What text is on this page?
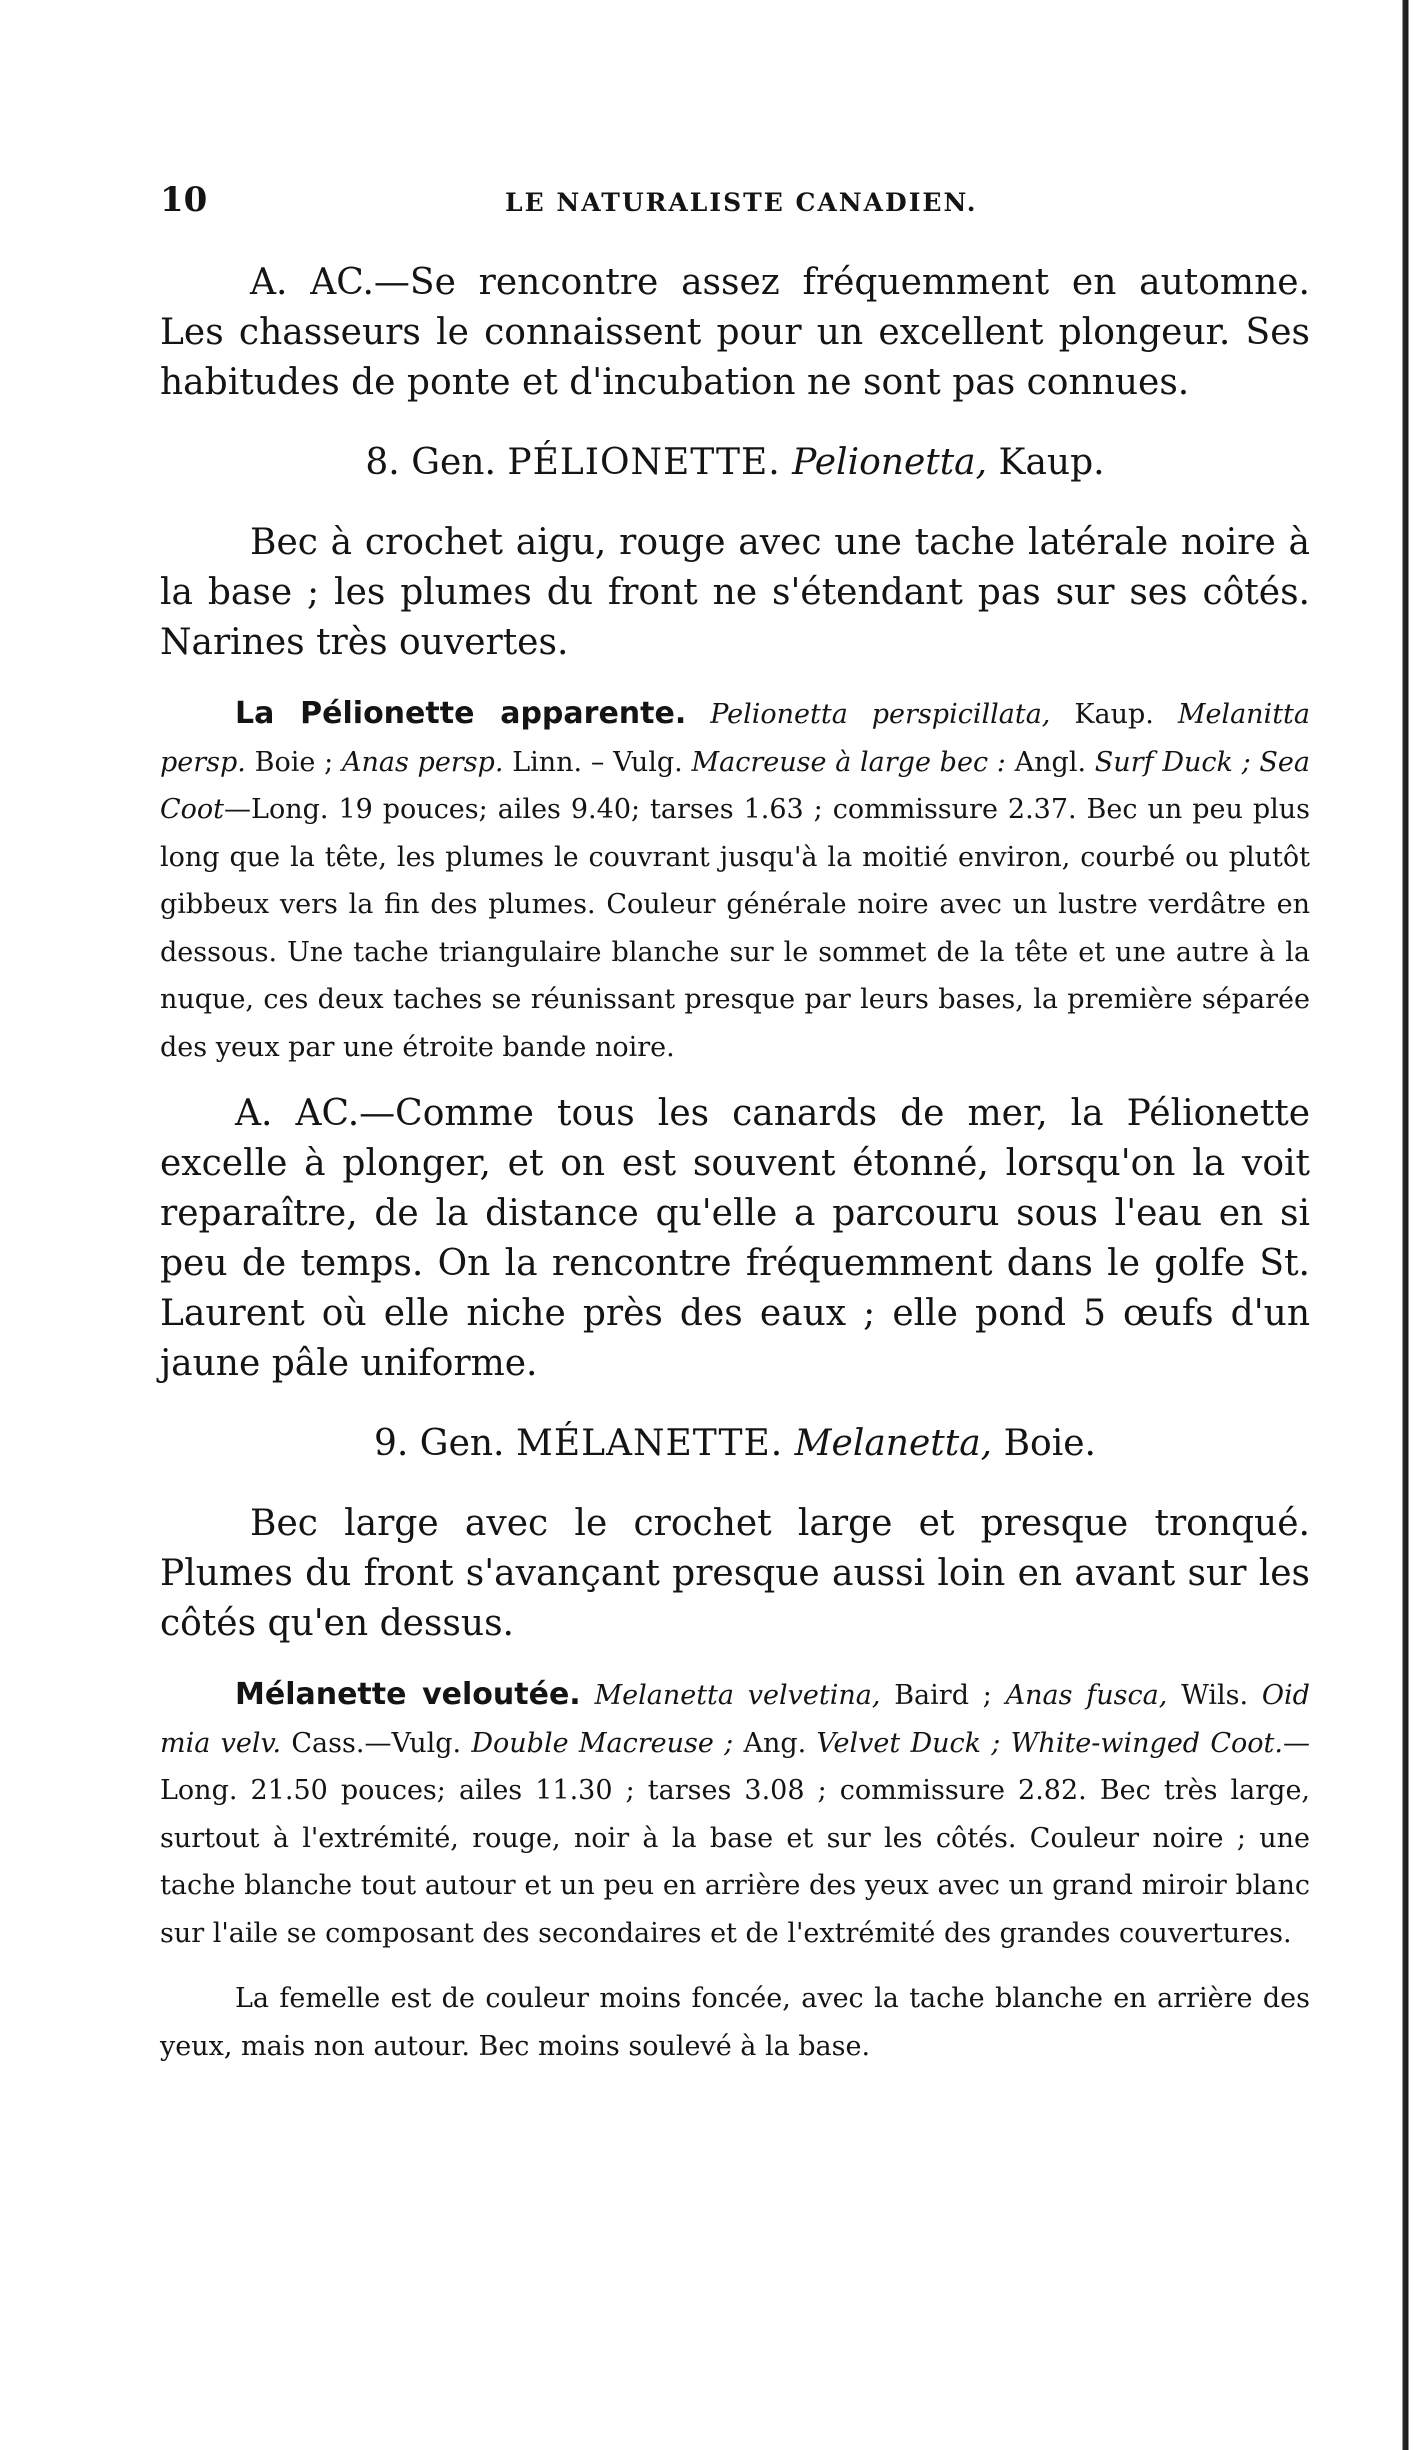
10	LE NATURALISTE CANADIEN.

A. AC.—Se rencontre assez fréquemment en automne. Les chasseurs le connaissent pour un excellent plongeur. Ses habitudes de ponte et d'incubation ne sont pas connues.

8. Gen. PÉLIONETTE. Pelionetta, Kaup.

Bec à crochet aigu, rouge avec une tache latérale noire à la base ; les plumes du front ne s'étendant pas sur ses côtés. Narines très ouvertes.

La Pélionette apparente. Pelionetta perspicillata, Kaup. Melanitta persp. Boie ; Anas persp. Linn. – Vulg. Macreuse à large bec : Angl. Surf Duck ; Sea Coot—Long. 19 pouces; ailes 9.40; tarses 1.63 ; commissure 2.37. Bec un peu plus long que la tête, les plumes le couvrant jusqu'à la moitié environ, courbé ou plutôt gibbeux vers la fin des plumes. Couleur générale noire avec un lustre verdâtre en dessous. Une tache triangulaire blanche sur le sommet de la tête et une autre à la nuque, ces deux taches se réunissant presque par leurs bases, la première séparée des yeux par une étroite bande noire.

A. AC.—Comme tous les canards de mer, la Pélionette excelle à plonger, et on est souvent étonné, lorsqu'on la voit reparaître, de la distance qu'elle a parcouru sous l'eau en si peu de temps. On la rencontre fréquemment dans le golfe St. Laurent où elle niche près des eaux ; elle pond 5 œufs d'un jaune pâle uniforme.

9. Gen. MÉLANETTE. Melanetta, Boie.

Bec large avec le crochet large et presque tronqué. Plumes du front s'avançant presque aussi loin en avant sur les côtés qu'en dessus.

Mélanette veloutée. Melanetta velvetina, Baird ; Anas fusca, Wils. Oid mia velv. Cass.—Vulg. Double Macreuse ; Ang. Velvet Duck ; White-winged Coot.—Long. 21.50 pouces; ailes 11.30 ; tarses 3.08 ; commissure 2.82. Bec très large, surtout à l'extrémité, rouge, noir à la base et sur les côtés. Couleur noire ; une tache blanche tout autour et un peu en arrière des yeux avec un grand miroir blanc sur l'aile se composant des secondaires et de l'extrémité des grandes couvertures.

La femelle est de couleur moins foncée, avec la tache blanche en arrière des yeux, mais non autour. Bec moins soulevé à la base.
